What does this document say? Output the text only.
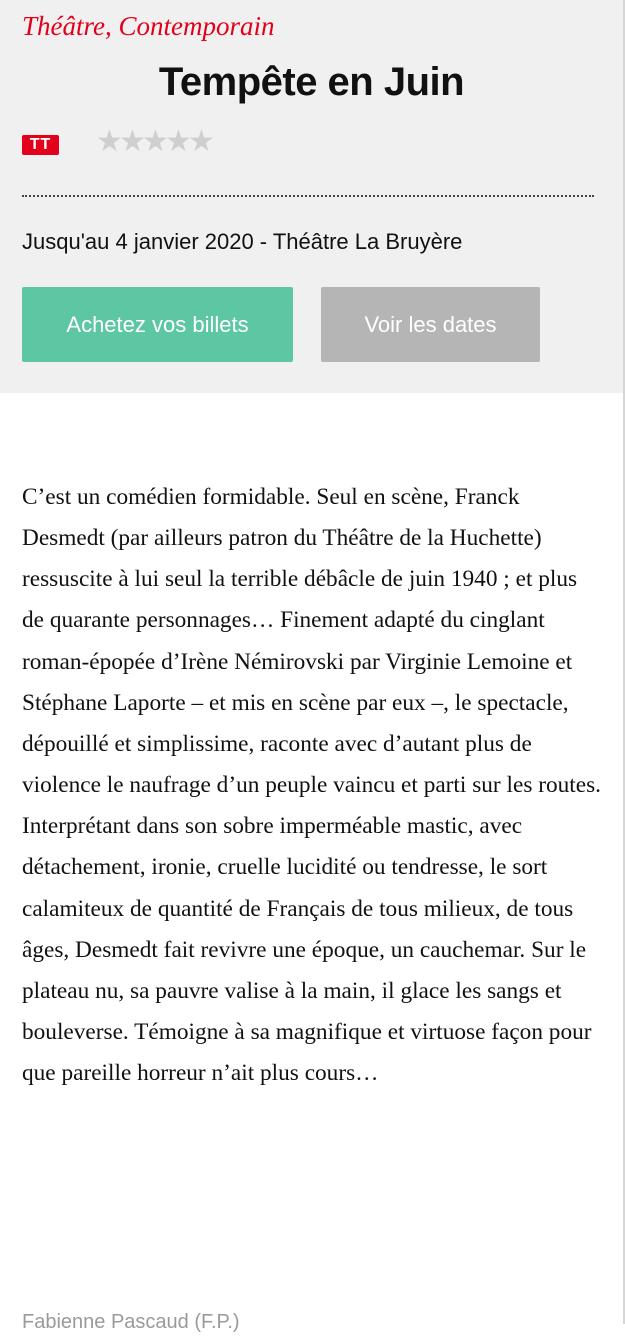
Théâtre, Contemporain

Tempête en Juin
TT ★
★
★
★
★

Jusqu'au 4 janvier 2020 - Théâtre La Bruyère

Achetez vos billets	Voir les dates

C’est un comédien formidable. Seul en scène, Franck Desmedt (par ailleurs patron du Théâtre de la Huchette) ressuscite à lui seul la terrible débâcle de juin 1940 ; et plus de quarante personnages… Finement adapté du cinglant roman-épopée d’Irène Némirovski par Virginie Lemoine et Stéphane Laporte – et mis en scène par eux –, le spectacle, dépouillé et simplissime, raconte avec d’autant plus de violence le naufrage d’un peuple vaincu et parti sur les routes. Interprétant dans son sobre imperméable mastic, avec détachement, ironie, cruelle lucidité ou tendresse, le sort calamiteux de quantité de Français de tous milieux, de tous âges, Desmedt fait revivre une époque, un cauchemar. Sur le plateau nu, sa pauvre valise à la main, il glace les sangs et bouleverse. Témoigne à sa magnifique et virtuose façon pour que pareille horreur n’ait plus cours…

Fabienne Pascaud (F.P.)
